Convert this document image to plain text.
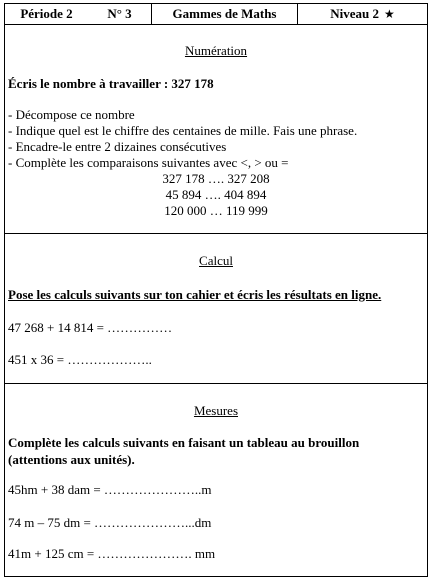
Période 2	N° 3	Gammes de Maths	Niveau 2 ★
Numération
Écris le nombre à travailler : 327 178
- Décompose ce nombre
- Indique quel est le chiffre des centaines de mille. Fais une phrase.
- Encadre-le entre 2 dizaines consécutives
- Complète les comparaisons suivantes avec <, > ou =
327 178 …. 327 208
45 894 …. 404 894
120 000 … 119 999
Calcul
Pose les calculs suivants sur ton cahier et écris les résultats en ligne.
47 268 + 14 814 = ……………
451 x 36 = ………………..
Mesures
Complète les calculs suivants en faisant un tableau au brouillon (attentions aux unités).
45hm + 38 dam = …………………..m
74 m – 75 dm = …………………...dm
41m + 125 cm = …………………. mm
